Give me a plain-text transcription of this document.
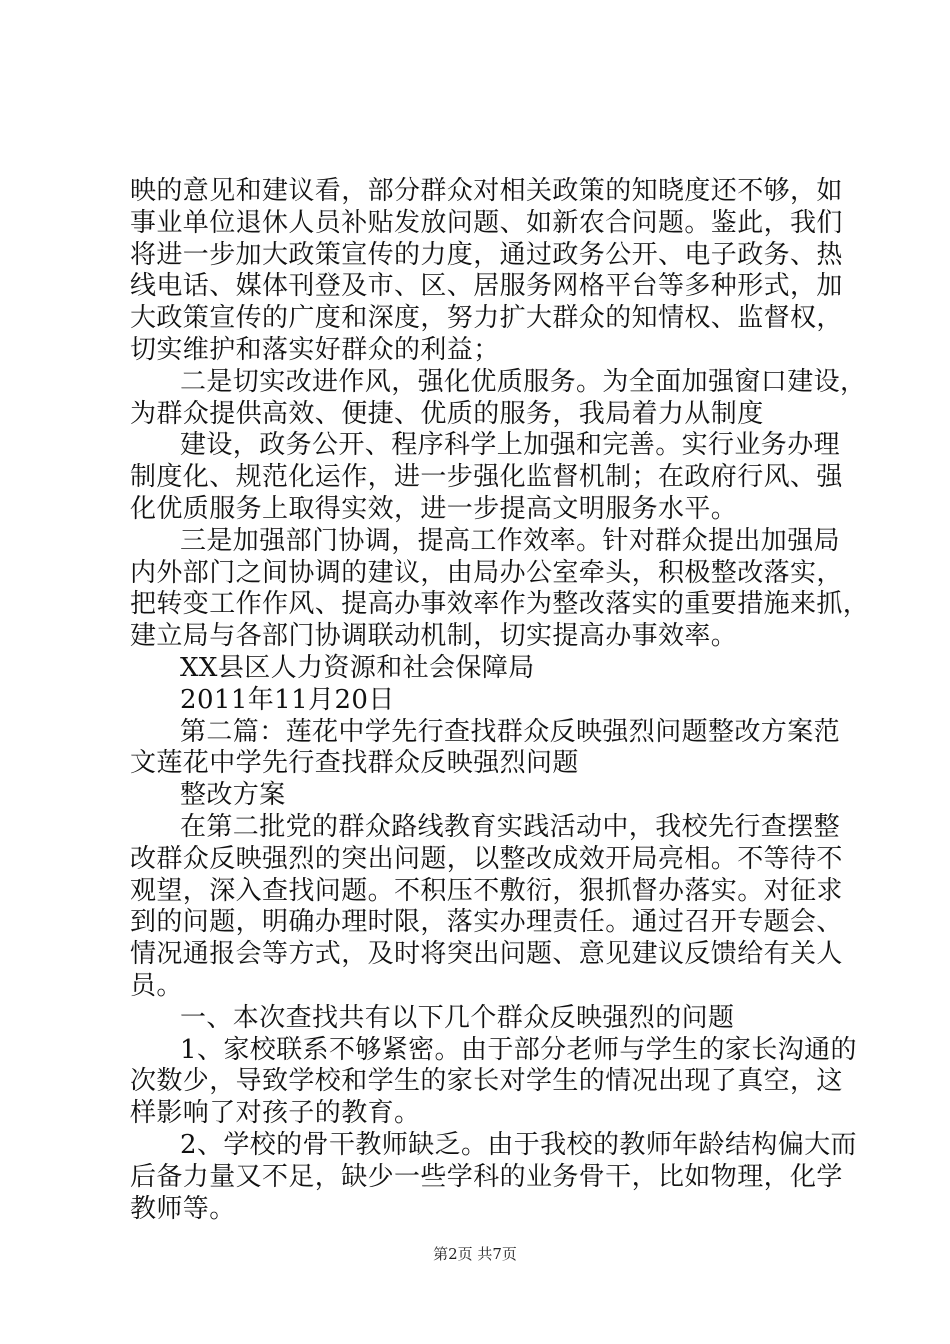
映的意见和建议看，部分群众对相关政策的知晓度还不够，如
事业单位退休人员补贴发放问题、如新农合问题。鉴此，我们
将进一步加大政策宣传的力度，通过政务公开、电子政务、热
线电话、媒体刊登及市、区、居服务网格平台等多种形式，加
大政策宣传的广度和深度，努力扩大群众的知情权、监督权，
切实维护和落实好群众的利益；
二是切实改进作风，强化优质服务。为全面加强窗口建设，
为群众提供高效、便捷、优质的服务，我局着力从制度
建设，政务公开、程序科学上加强和完善。实行业务办理
制度化、规范化运作，进一步强化监督机制；在政府行风、强
化优质服务上取得实效，进一步提高文明服务水平。
三是加强部门协调，提高工作效率。针对群众提出加强局
内外部门之间协调的建议，由局办公室牵头，积极整改落实，
把转变工作作风、提高办事效率作为整改落实的重要措施来抓，
建立局与各部门协调联动机制，切实提高办事效率。
XX县区人力资源和社会保障局
2011年11月20日
第二篇：莲花中学先行查找群众反映强烈问题整改方案范
文莲花中学先行查找群众反映强烈问题
整改方案
在第二批党的群众路线教育实践活动中，我校先行查摆整
改群众反映强烈的突出问题，以整改成效开局亮相。不等待不
观望，深入查找问题。不积压不敷衍，狠抓督办落实。对征求
到的问题，明确办理时限，落实办理责任。通过召开专题会、
情况通报会等方式，及时将突出问题、意见建议反馈给有关人
员。
一、本次查找共有以下几个群众反映强烈的问题
1、家校联系不够紧密。由于部分老师与学生的家长沟通的
次数少，导致学校和学生的家长对学生的情况出现了真空，这
样影响了对孩子的教育。
2、学校的骨干教师缺乏。由于我校的教师年龄结构偏大而
后备力量又不足，缺少一些学科的业务骨干，比如物理，化学
教师等。
第2页 共7页
